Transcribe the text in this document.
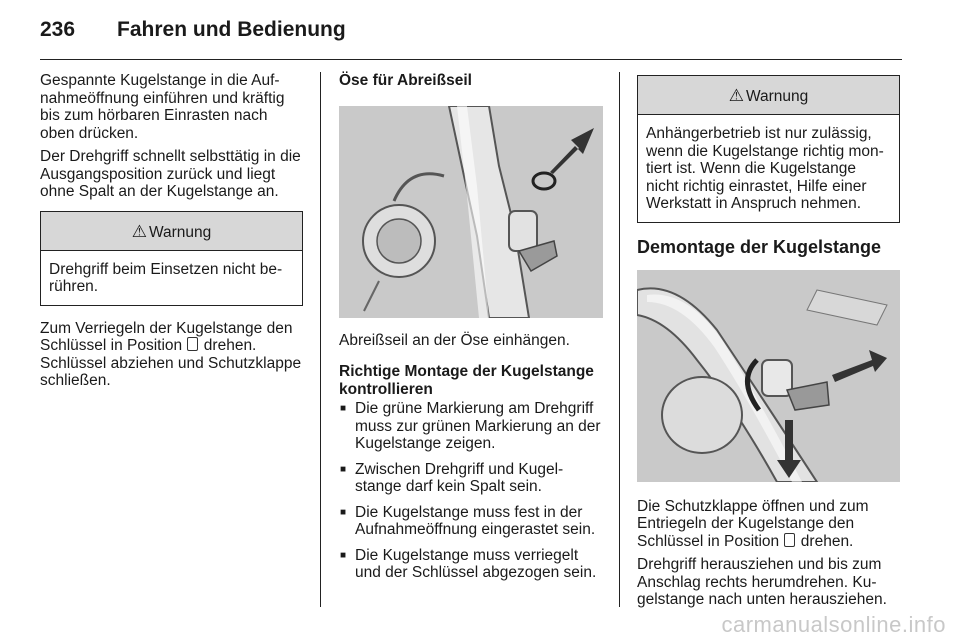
236 Fahren und Bedienung

Gespannte Kugelstange in die Aufnahmeöffnung einführen und kräftig bis zum hörbaren Einrasten nach oben drücken.

Der Drehgriff schnellt selbsttätig in die Ausgangsposition zurück und liegt ohne Spalt an der Kugelstange an.

⚠ Warnung
Drehgriff beim Einsetzen nicht berühren.

Zum Verriegeln der Kugelstange den Schlüssel in Position drehen. Schlüssel abziehen und Schutzklappe schließen.

Öse für Abreißseil

Abreißseil an der Öse einhängen.

Richtige Montage der Kugelstange kontrollieren

■ Die grüne Markierung am Drehgriff muss zur grünen Markierung an der Kugelstange zeigen.
■ Zwischen Drehgriff und Kugelstange darf kein Spalt sein.
■ Die Kugelstange muss fest in der Aufnahmeöffnung eingerastet sein.
■ Die Kugelstange muss verriegelt und der Schlüssel abgezogen sein.
⚠ Warnung
Anhängerbetrieb ist nur zulässig, wenn die Kugelstange richtig montiert ist. Wenn die Kugelstange nicht richtig einrastet, Hilfe einer Werkstatt in Anspruch nehmen.
Demontage der Kugelstange

Die Schutzklappe öffnen und zum Entriegeln der Kugelstange den Schlüssel in Position drehen.

Drehgriff herausziehen und bis zum Anschlag rechts herumdrehen. Kugelstange nach unten herausziehen.

carmanualsonline.info
